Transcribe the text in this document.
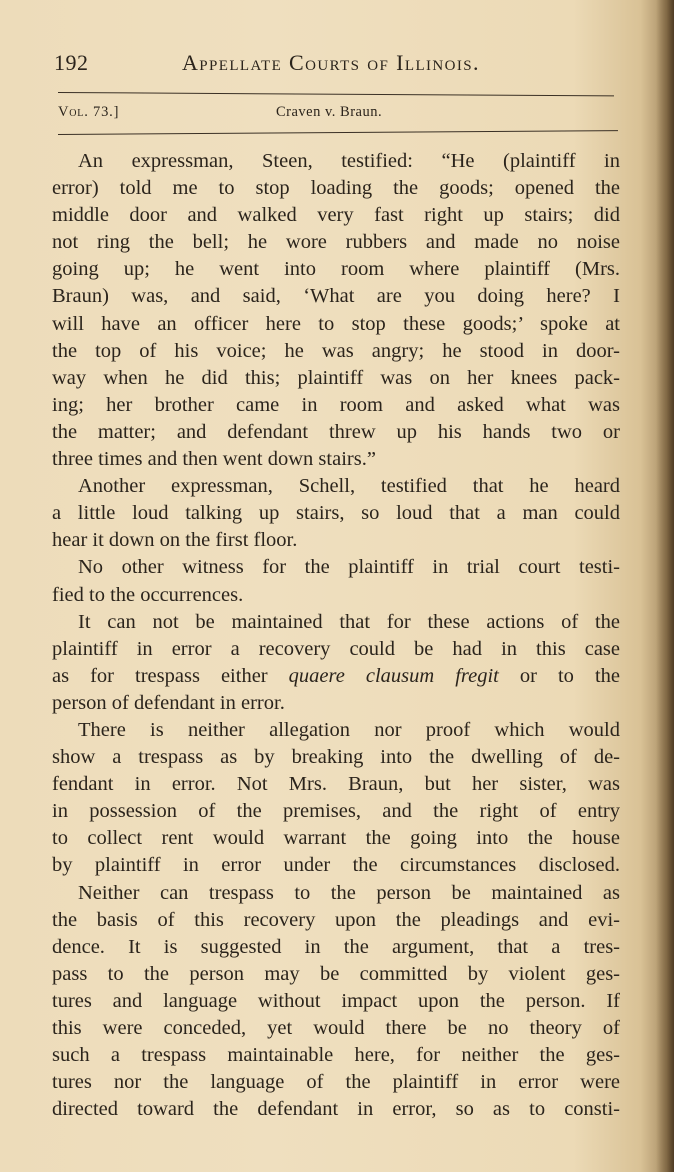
192	Appellate Courts of Illinois.
Vol. 73.]	Craven v. Braun.
An expressman, Steen, testified: “He (plaintiff in
error) told me to stop loading the goods; opened the
middle door and walked very fast right up stairs; did
not ring the bell; he wore rubbers and made no noise
going up; he went into room where plaintiff (Mrs.
Braun) was, and said, ‘What are you doing here? I
will have an officer here to stop these goods;’ spoke at
the top of his voice; he was angry; he stood in door-
way when he did this; plaintiff was on her knees pack-
ing; her brother came in room and asked what was
the matter; and defendant threw up his hands two or
three times and then went down stairs.”
Another expressman, Schell, testified that he heard
a little loud talking up stairs, so loud that a man could
hear it down on the first floor.
No other witness for the plaintiff in trial court testi-
fied to the occurrences.
It can not be maintained that for these actions of the
plaintiff in error a recovery could be had in this case
as for trespass either quaere clausum fregit or to the
person of defendant in error.
There is neither allegation nor proof which would
show a trespass as by breaking into the dwelling of de-
fendant in error. Not Mrs. Braun, but her sister, was
in possession of the premises, and the right of entry
to collect rent would warrant the going into the house
by plaintiff in error under the circumstances disclosed.
Neither can trespass to the person be maintained as
the basis of this recovery upon the pleadings and evi-
dence. It is suggested in the argument, that a tres-
pass to the person may be committed by violent ges-
tures and language without impact upon the person. If
this were conceded, yet would there be no theory of
such a trespass maintainable here, for neither the ges-
tures nor the language of the plaintiff in error were
directed toward the defendant in error, so as to consti-
